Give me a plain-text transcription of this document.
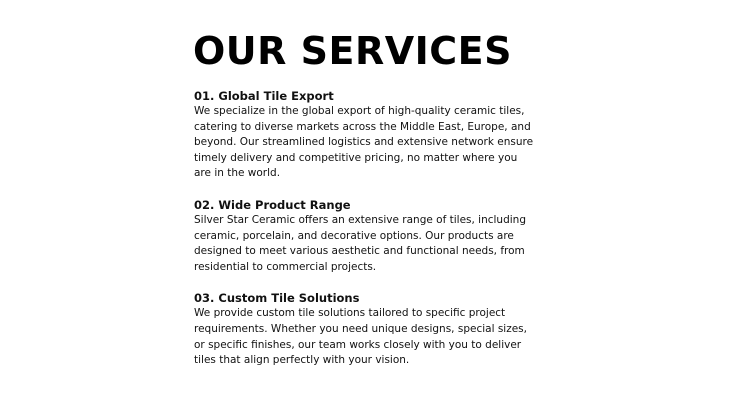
OUR SERVICES
01. Global Tile Export

We specialize in the global export of high-quality ceramic tiles,
catering to diverse markets across the Middle East, Europe, and
beyond. Our streamlined logistics and extensive network ensure
timely delivery and competitive pricing, no matter where you
are in the world.

02. Wide Product Range

Silver Star Ceramic offers an extensive range of tiles, including
ceramic, porcelain, and decorative options. Our products are
designed to meet various aesthetic and functional needs, from
residential to commercial projects.

03. Custom Tile Solutions

We provide custom tile solutions tailored to specific project
requirements. Whether you need unique designs, special sizes,
or specific finishes, our team works closely with you to deliver
tiles that align perfectly with your vision.
